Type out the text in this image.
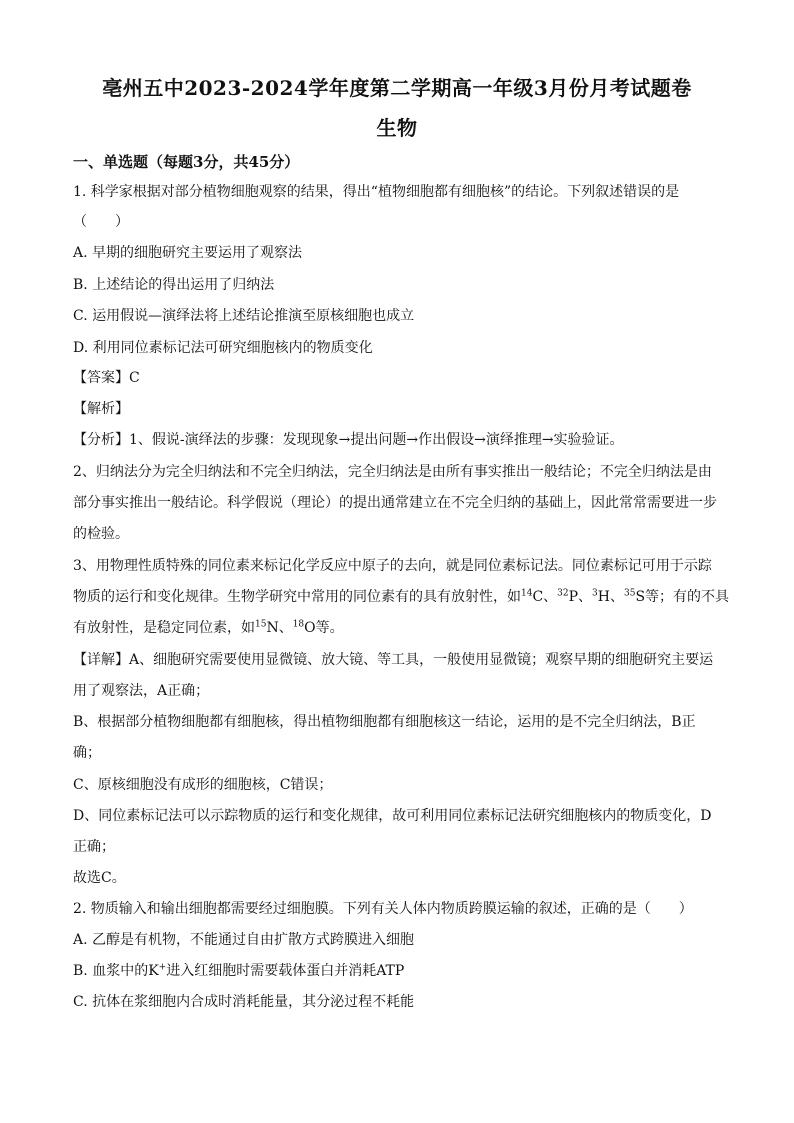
亳州五中2023-2024学年度第二学期高一年级3月份月考试题卷
生物
一、单选题（每题3分，共45分）
1. 科学家根据对部分植物细胞观察的结果，得出“植物细胞都有细胞核”的结论。下列叙述错误的是
（　　）
A. 早期的细胞研究主要运用了观察法
B. 上述结论的得出运用了归纳法
C. 运用假说—演绎法将上述结论推演至原核细胞也成立
D. 利用同位素标记法可研究细胞核内的物质变化
【答案】C
【解析】
【分析】1、假说-演绎法的步骤：发现现象→提出问题→作出假设→演绎推理→实验验证。
2、归纳法分为完全归纳法和不完全归纳法，完全归纳法是由所有事实推出一般结论；不完全归纳法是由
部分事实推出一般结论。科学假说（理论）的提出通常建立在不完全归纳的基础上，因此常常需要进一步
的检验。
3、用物理性质特殊的同位素来标记化学反应中原子的去向，就是同位素标记法。同位素标记可用于示踪
物质的运行和变化规律。生物学研究中常用的同位素有的具有放射性，如$^{14}$C、$^{32}$P、$^3$H、$^{35}$S等；有的不具
有放射性，是稳定同位素，如$^{15}$N、$^{18}$O等。
【详解】A、细胞研究需要使用显微镜、放大镜、等工具，一般使用显微镜；观察早期的细胞研究主要运
用了观察法，A正确；
B、根据部分植物细胞都有细胞核，得出植物细胞都有细胞核这一结论，运用的是不完全归纳法，B正
确；
C、原核细胞没有成形的细胞核，C错误；
D、同位素标记法可以示踪物质的运行和变化规律，故可利用同位素标记法研究细胞核内的物质变化，D
正确；
故选C。
2. 物质输入和输出细胞都需要经过细胞膜。下列有关人体内物质跨膜运输的叙述，正确的是（　　）
A. 乙醇是有机物，不能通过自由扩散方式跨膜进入细胞
B. 血浆中的K+进入红细胞时需要载体蛋白并消耗ATP
C. 抗体在浆细胞内合成时消耗能量，其分泌过程不耗能
